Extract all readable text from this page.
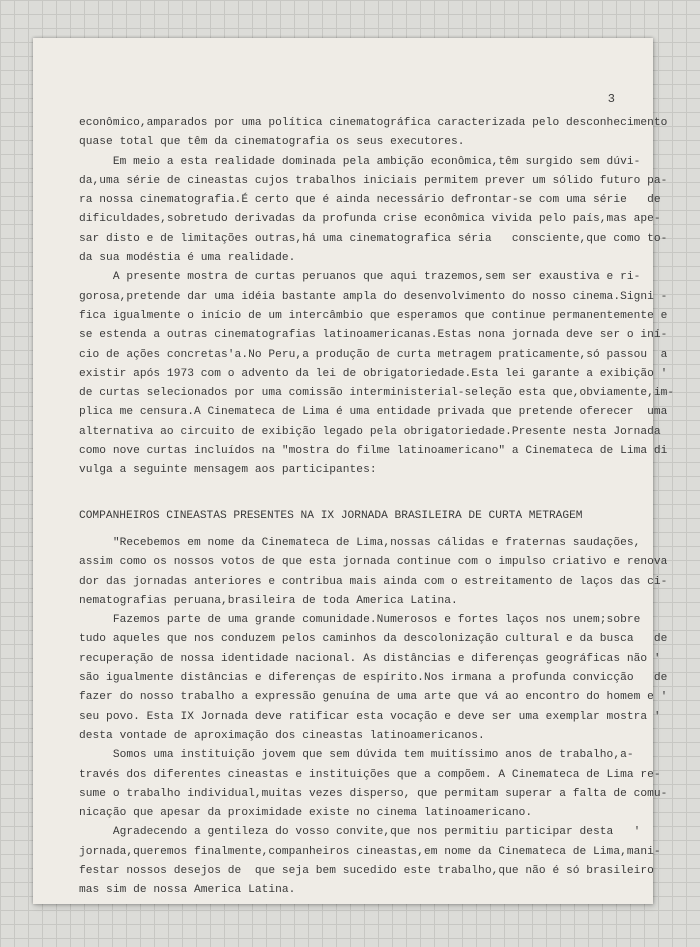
3
econômico,amparados por uma política cinematográfica caracterizada pelo desconhecimento
quase total que têm da cinematografia os seus executores.
Em meio a esta realidade dominada pela ambição econômica,têm surgido sem dúvi-
da,uma série de cineastas cujos trabalhos iniciais permitem prever um sólido futuro pa-
ra nossa cinematografia.É certo que é ainda necessário defrontar-se com uma série   de
dificuldades,sobretudo derivadas da profunda crise econômica vivida pelo país,mas ape-
sar disto e de limitações outras,há uma cinematografica séria   consciente,que como to-
da sua modéstia é uma realidade.
A presente mostra de curtas peruanos que aqui trazemos,sem ser exaustiva e ri-
gorosa,pretende dar uma idéia bastante ampla do desenvolvimento do nosso cinema.Signi -
fica igualmente o início de um intercâmbio que esperamos que continue permanentemente e
se estenda a outras cinematografias latinoamericanas.Estas nona jornada deve ser o iní-
cio de ações concretas'a.No Peru,a produção de curta metragem praticamente,só passou  a
existir após 1973 com o advento da lei de obrigatoriedade.Esta lei garante a exibição '
de curtas selecionados por uma comissão interministerial-seleção esta que,obviamente,im-
plica me censura.A Cinemateca de Lima é uma entidade privada que pretende oferecer  uma
alternativa ao circuito de exibição legado pela obrigatoriedade.Presente nesta Jornada
como nove curtas incluídos na "mostra do filme latinoamericano" a Cinemateca de Lima di
vulga a seguinte mensagem aos participantes:
COMPANHEIROS CINEASTAS PRESENTES NA IX JORNADA BRASILEIRA DE CURTA METRAGEM
"Recebemos em nome da Cinemateca de Lima,nossas cálidas e fraternas saudações,
assim como os nossos votos de que esta jornada continue com o impulso criativo e renova
dor das jornadas anteriores e contribua mais ainda com o estreitamento de laços das ci-
nematografias peruana,brasileira de toda America Latina.
Fazemos parte de uma grande comunidade.Numerosos e fortes laços nos unem;sobre
tudo aqueles que nos conduzem pelos caminhos da descolonização cultural e da busca   de
recuperação de nossa identidade nacional. As distâncias e diferenças geográficas não '
são igualmente distâncias e diferenças de espírito.Nos irmana a profunda convicção   de
fazer do nosso trabalho a expressão genuína de uma arte que vá ao encontro do homem e '
seu povo. Esta IX Jornada deve ratificar esta vocação e deve ser uma exemplar mostra '
desta vontade de aproximação dos cineastas latinoamericanos.
Somos uma instituição jovem que sem dúvida tem muitíssimo anos de trabalho,a-
través dos diferentes cineastas e instituições que a compõem. A Cinemateca de Lima re-
sume o trabalho individual,muitas vezes disperso, que permitam superar a falta de comu-
nicação que apesar da proximidade existe no cinema latinoamericano.
Agradecendo a gentileza do vosso convite,que nos permitiu participar desta   '
jornada,queremos finalmente,companheiros cineastas,em nome da Cinemateca de Lima,mani-
festar nossos desejos de  que seja bem sucedido este trabalho,que não é só brasileiro
mas sim de nossa America Latina.
